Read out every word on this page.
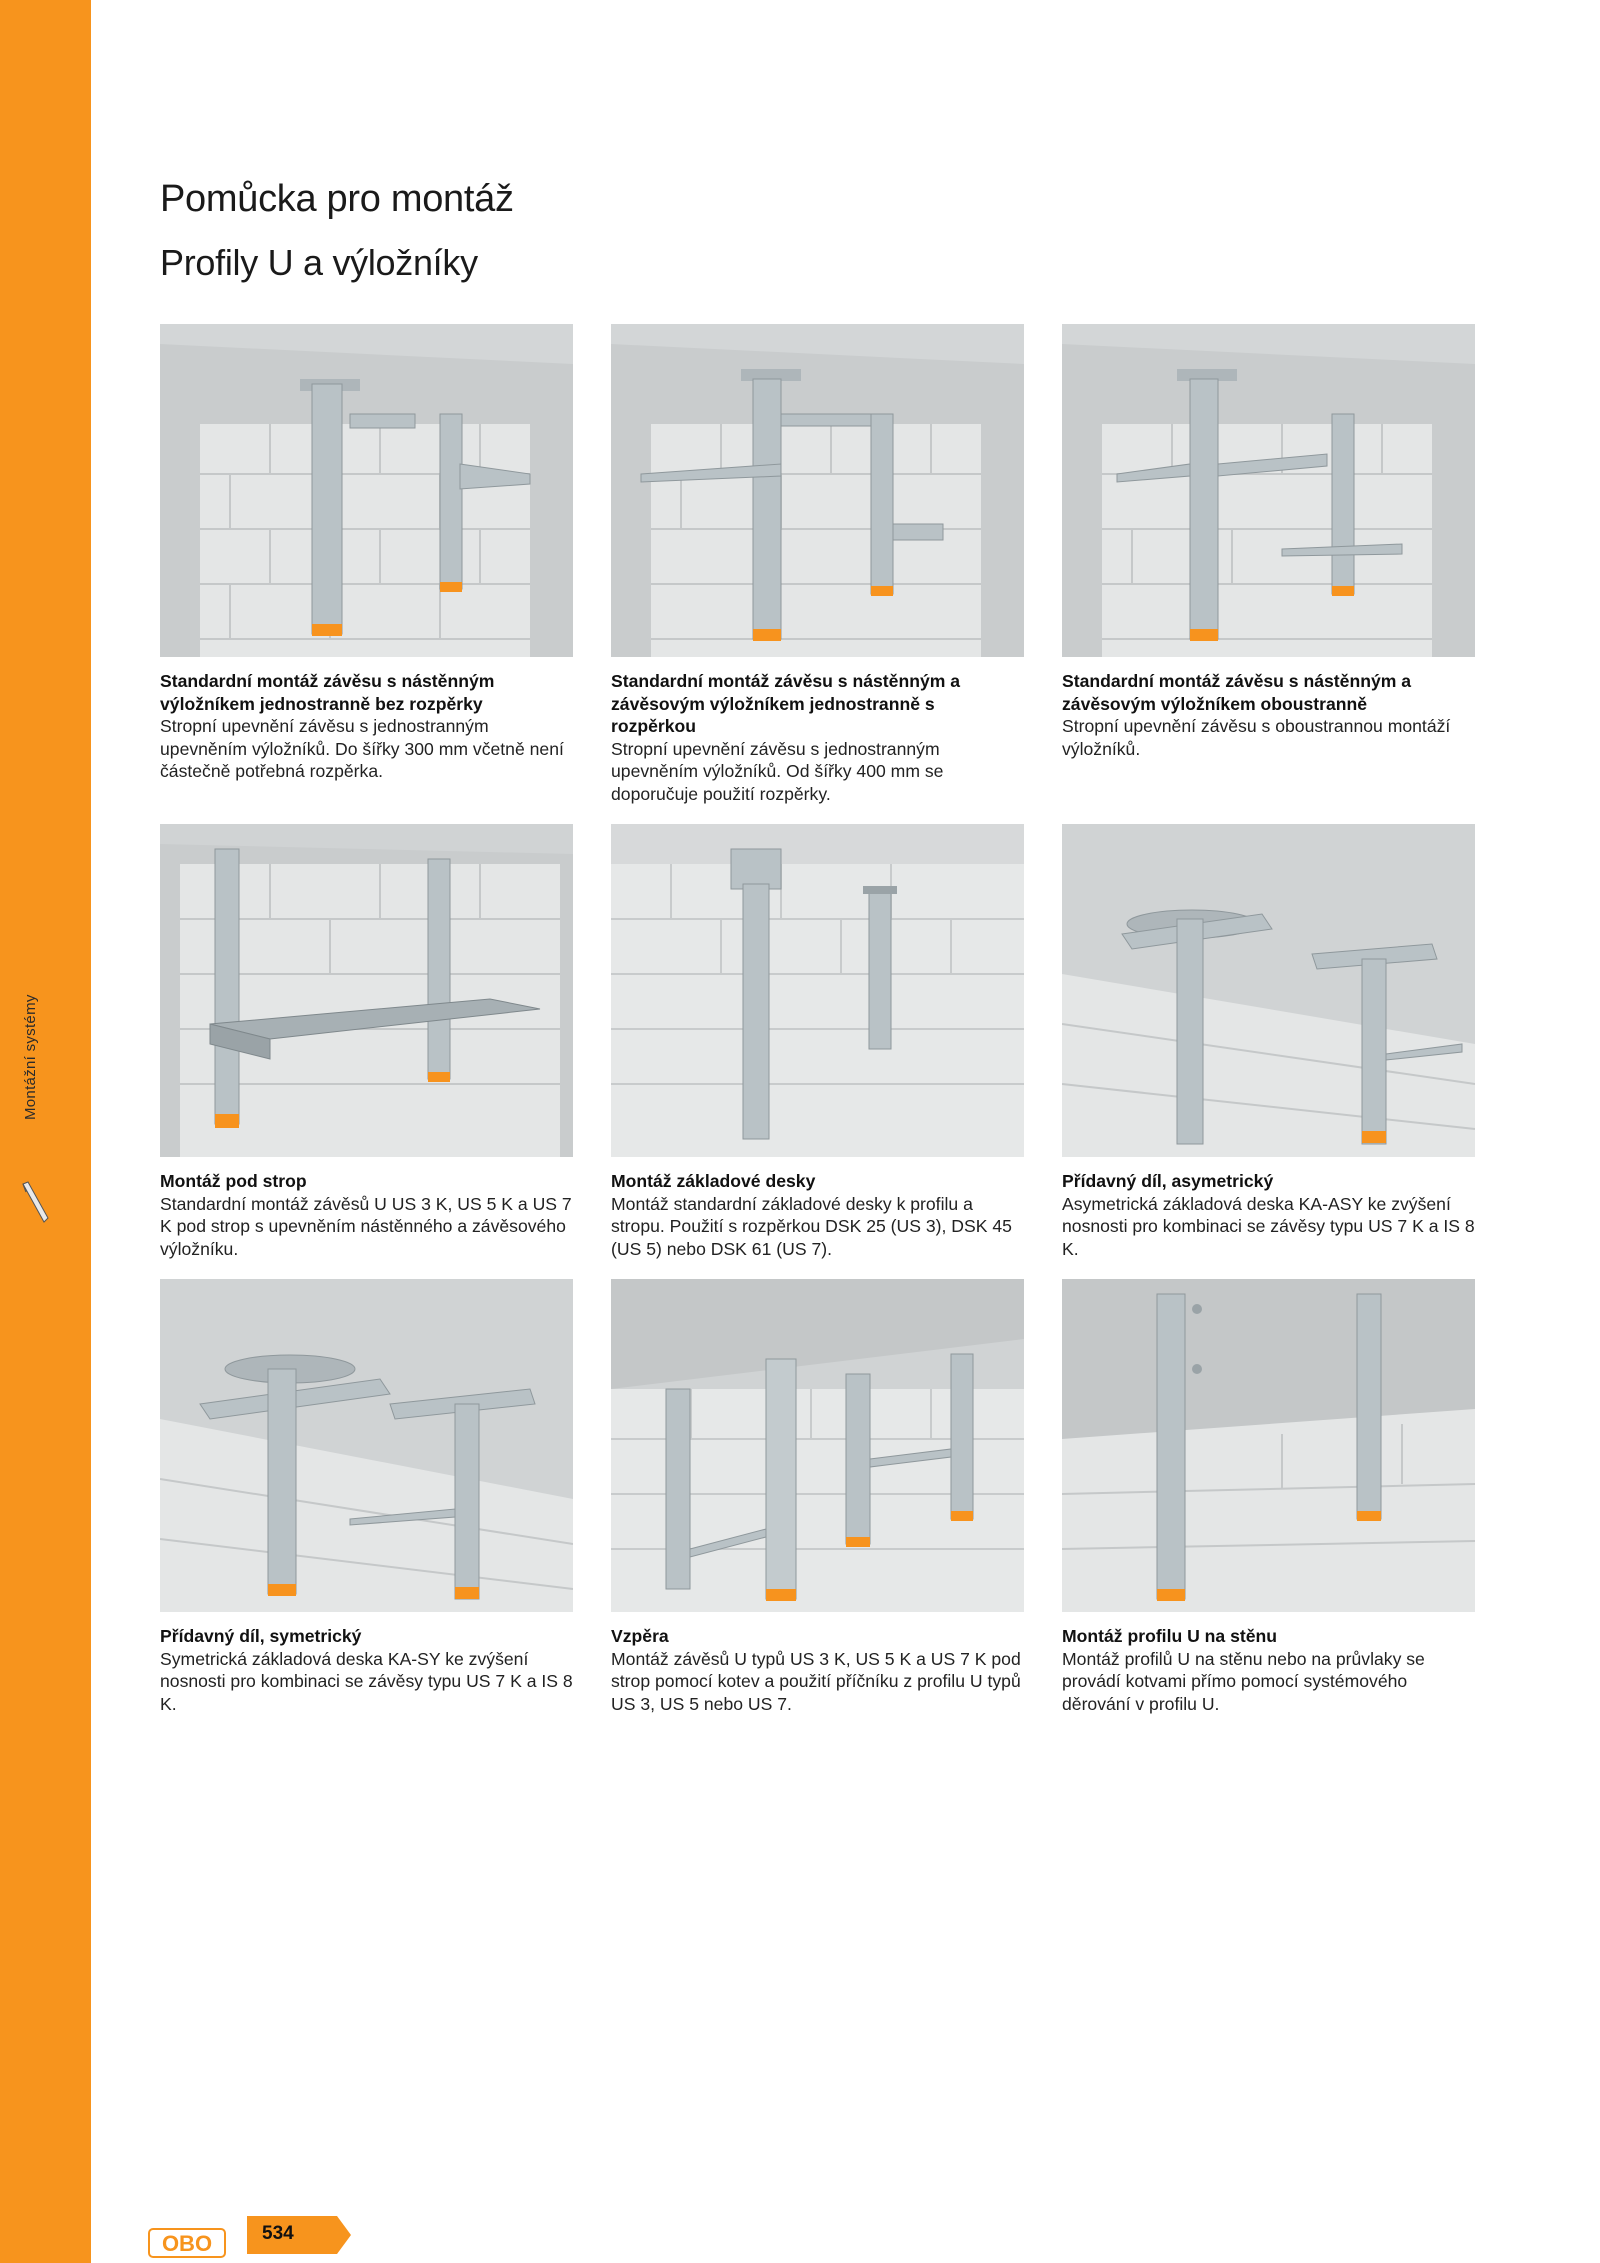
Montážní systémy
Pomůcka pro montáž
Profily U a výložníky
Standardní montáž závěsu s nástěnným výložníkem jednostranně bez rozpěrky
Stropní upevnění závěsu s jednostranným upevněním výložníků. Do šířky 300 mm včetně není částečně potřebná rozpěrka.
Standardní montáž závěsu s nástěnným a závěsovým výložníkem jednostranně s rozpěrkou
Stropní upevnění závěsu s jednostranným upevněním výložníků. Od šířky 400 mm se doporučuje použití rozpěrky.
Standardní montáž závěsu s nástěnným a závěsovým výložníkem oboustranně
Stropní upevnění závěsu s oboustrannou montáží výložníků.
Montáž pod strop
Standardní montáž závěsů U US 3 K, US 5 K a US 7 K pod strop s upevněním nástěnného a závěsového výložníku.
Montáž základové desky
Montáž standardní základové desky k profilu a stropu. Použití s rozpěrkou DSK 25 (US 3), DSK 45 (US 5) nebo DSK 61 (US 7).
Přídavný díl, asymetrický
Asymetrická základová deska KA-ASY ke zvýšení nosnosti pro kombinaci se závěsy typu US 7 K a IS 8 K.
Přídavný díl, symetrický
Symetrická základová deska KA-SY ke zvýšení nosnosti pro kombinaci se závěsy typu US 7 K a IS 8 K.
Vzpěra
Montáž závěsů U typů US 3 K, US 5 K a US 7 K pod strop pomocí kotev a použití příčníku z profilu U typů US 3, US 5 nebo US 7.
Montáž profilu U na stěnu
Montáž profilů U na stěnu nebo na průvlaky se provádí kotvami přímo pomocí systémového děrování v profilu U.
OBO	534
